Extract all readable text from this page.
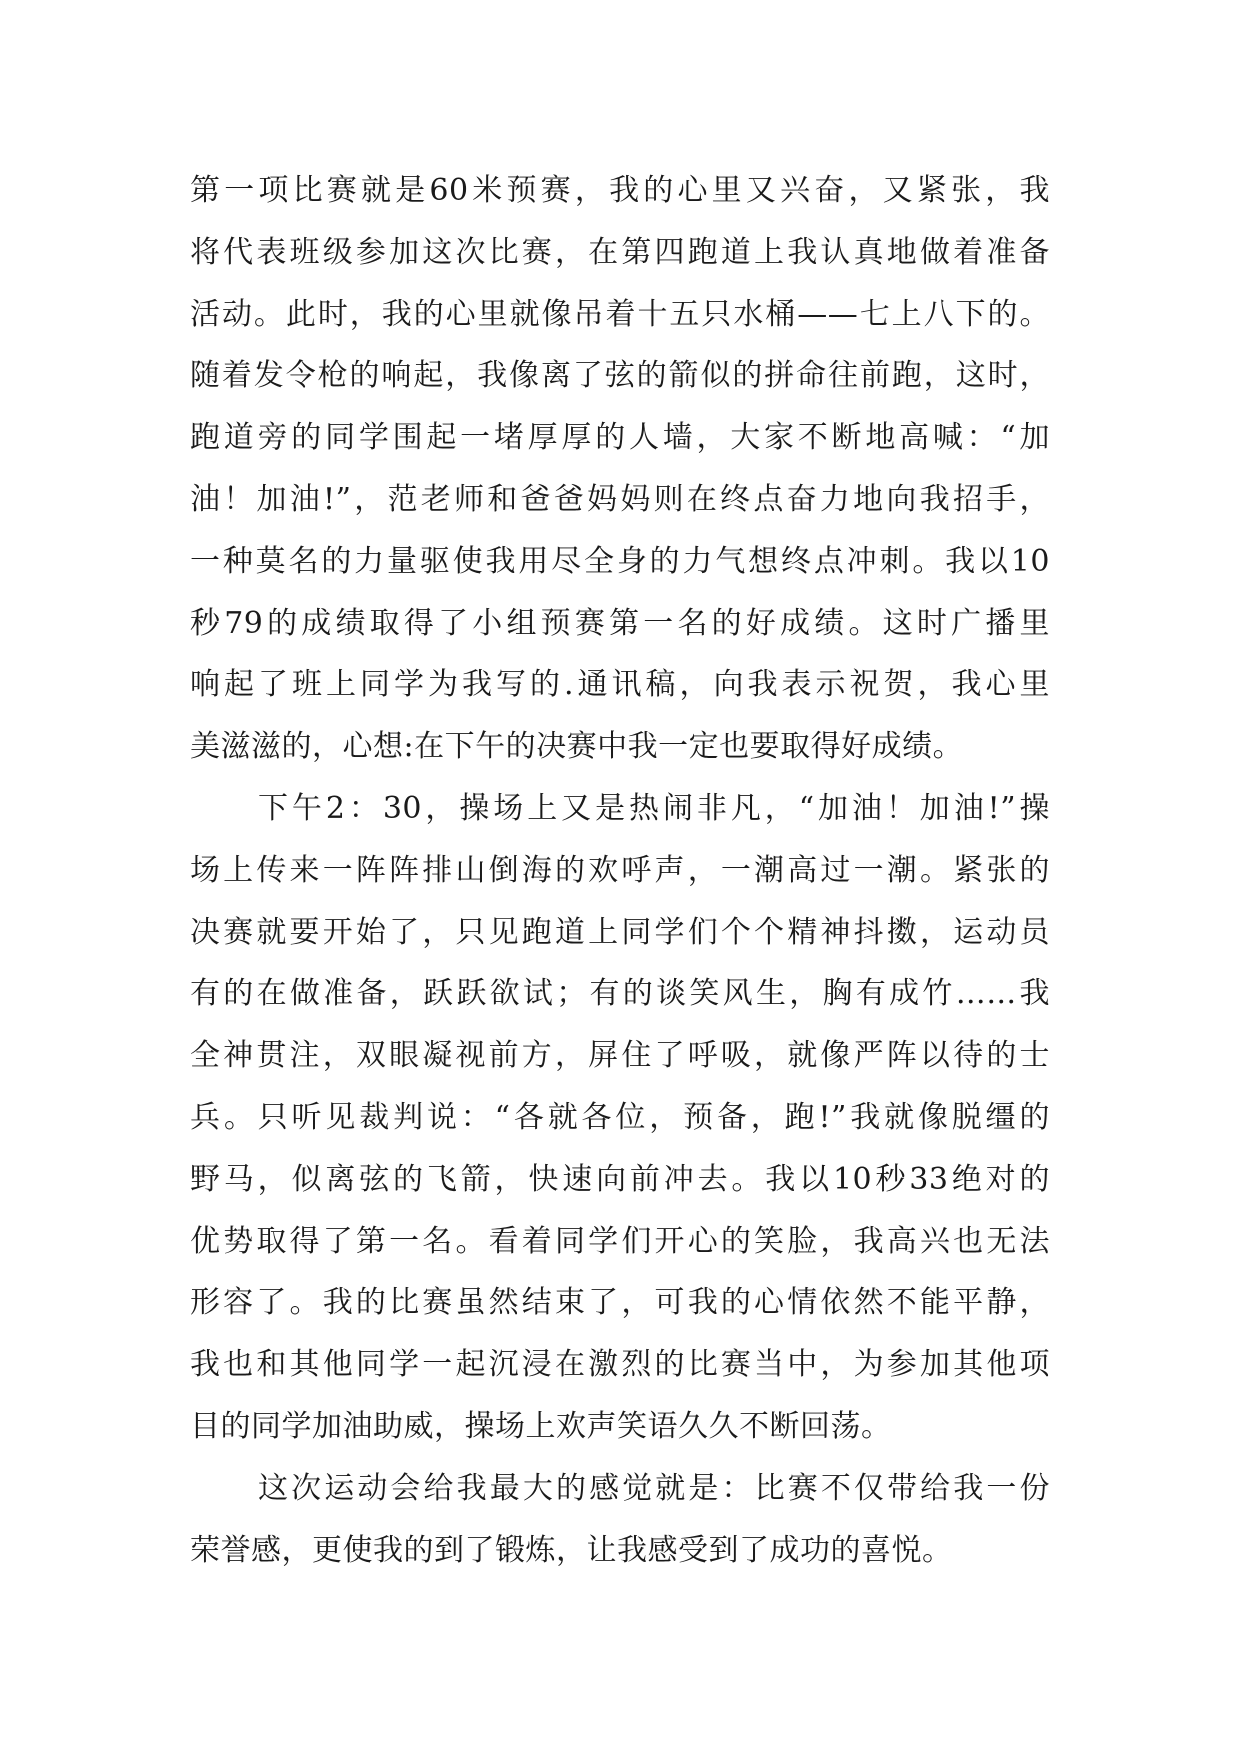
第一项比赛就是60米预赛，我的心里又兴奋，又紧张，我
将代表班级参加这次比赛，在第四跑道上我认真地做着准备
活动。此时，我的心里就像吊着十五只水桶——七上八下的。
随着发令枪的响起，我像离了弦的箭似的拼命往前跑，这时，
跑道旁的同学围起一堵厚厚的人墙，大家不断地高喊：“加
油！加油!”，范老师和爸爸妈妈则在终点奋力地向我招手，
一种莫名的力量驱使我用尽全身的力气想终点冲刺。我以10
秒79的成绩取得了小组预赛第一名的好成绩。这时广播里
响起了班上同学为我写的.通讯稿，向我表示祝贺，我心里
美滋滋的，心想:在下午的决赛中我一定也要取得好成绩。
下午2：30，操场上又是热闹非凡，“加油！加油!”操
场上传来一阵阵排山倒海的欢呼声，一潮高过一潮。紧张的
决赛就要开始了，只见跑道上同学们个个精神抖擞，运动员
有的在做准备，跃跃欲试；有的谈笑风生，胸有成竹……我
全神贯注，双眼凝视前方，屏住了呼吸，就像严阵以待的士
兵。只听见裁判说：“各就各位，预备，跑!”我就像脱缰的
野马，似离弦的飞箭，快速向前冲去。我以10秒33绝对的
优势取得了第一名。看着同学们开心的笑脸，我高兴也无法
形容了。我的比赛虽然结束了，可我的心情依然不能平静，
我也和其他同学一起沉浸在激烈的比赛当中，为参加其他项
目的同学加油助威，操场上欢声笑语久久不断回荡。
这次运动会给我最大的感觉就是：比赛不仅带给我一份
荣誉感，更使我的到了锻炼，让我感受到了成功的喜悦。
